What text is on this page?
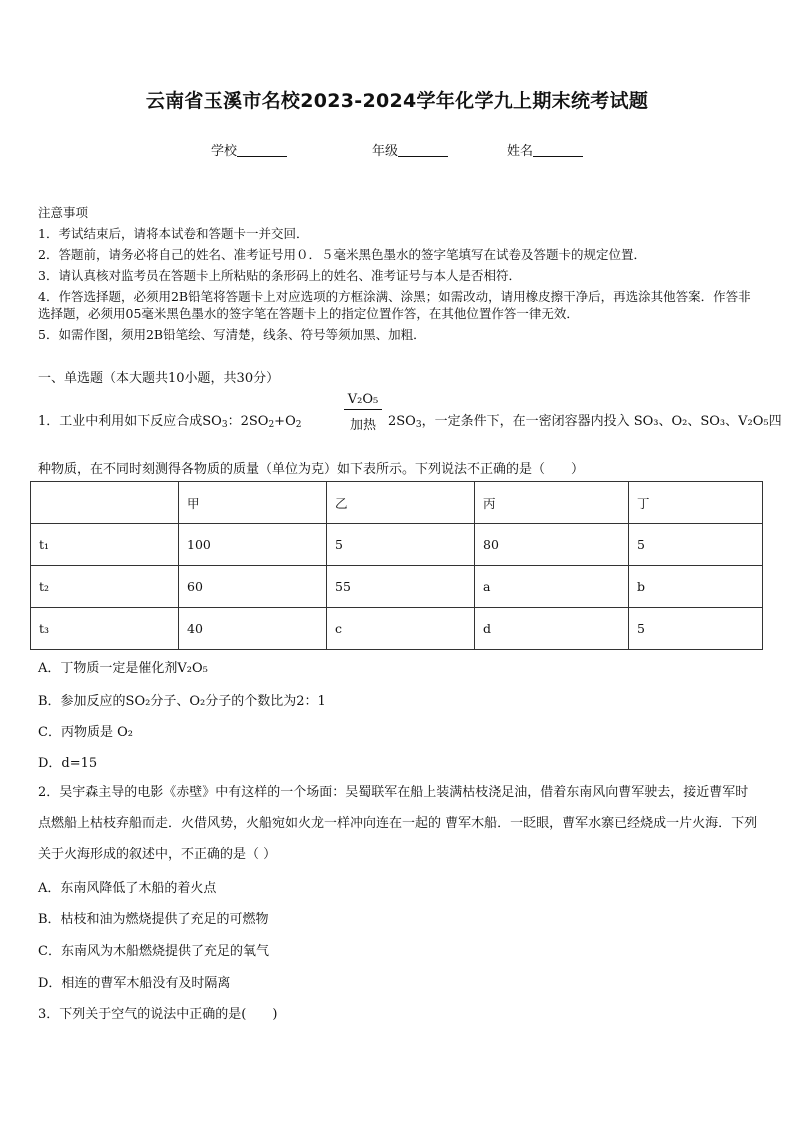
云南省玉溪市名校2023-2024学年化学九上期末统考试题
学校	年级	姓名
注意事项

1．考试结束后，请将本试卷和答题卡一并交回．

2．答题前，请务必将自己的姓名、准考证号用０．５毫米黑色墨水的签字笔填写在试卷及答题卡的规定位置．

3．请认真核对监考员在答题卡上所粘贴的条形码上的姓名、准考证号与本人是否相符．

4．作答选择题，必须用2B铅笔将答题卡上对应选项的方框涂满、涂黑；如需改动，请用橡皮擦干净后，再选涂其他答案．作答非选择题，必须用05毫米黑色墨水的签字笔在答题卡上的指定位置作答，在其他位置作答一律无效．

5．如需作图，须用2B铅笔绘、写清楚，线条、符号等须加黑、加粗．

一、单选题（本大题共10小题，共30分）
1．工业中利用如下反应合成$SO_3$：$2SO_2+O_2$
V₂O₅
加热 $2SO_3$，一定条件下，在一密闭容器内投入 SO₃、O₂、SO₃、V₂O₅四
种物质，在不同时刻测得各物质的质量（单位为克）如下表所示。下列说法不正确的是（　　）
	甲	乙	丙	丁
t₁	100	5	80	5
t₂	60	55	a	b
t₃	40	c	d	5
A．丁物质一定是催化剂V₂O₅
B．参加反应的SO₂分子、O₂分子的个数比为2：1
C．丙物质是 O₂
D．d=15
2．吴宇森主导的电影《赤壁》中有这样的一个场面：吴蜀联军在船上装满枯枝浇足油，借着东南风向曹军驶去，接近曹军时点燃船上枯枝弃船而走．火借风势，火船宛如火龙一样冲向连在一起的 曹军木船．一眨眼，曹军水寨已经烧成一片火海．下列关于火海形成的叙述中，不正确的是（ ）
A．东南风降低了木船的着火点
B．枯枝和油为燃烧提供了充足的可燃物
C．东南风为木船燃烧提供了充足的氧气
D．相连的曹军木船没有及时隔离
3．下列关于空气的说法中正确的是(　　)
